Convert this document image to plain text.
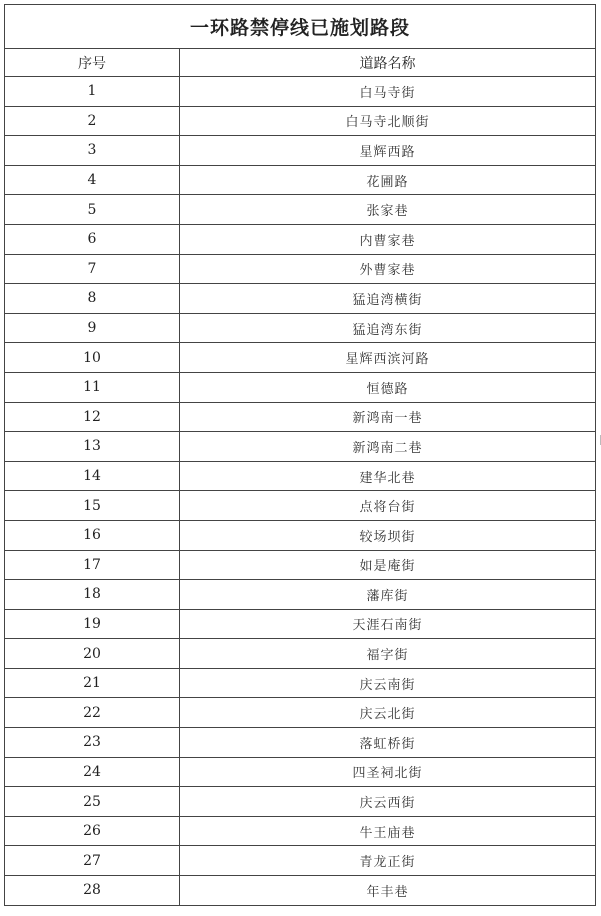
一环路禁停线已施划路段	
序号	道路名称
1	白马寺街
2	白马寺北顺街
3	星辉西路
4	花圃路
5	张家巷
6	内曹家巷
7	外曹家巷
8	猛追湾横街
9	猛追湾东街
10	星辉西滨河路
11	恒德路
12	新鸿南一巷
13	新鸿南二巷
14	建华北巷
15	点将台街
16	较场坝街
17	如是庵街
18	藩库街
19	天涯石南街
20	福字街
21	庆云南街
22	庆云北街
23	落虹桥街
24	四圣祠北街
25	庆云西街
26	牛王庙巷
27	青龙正街
28	年丰巷
